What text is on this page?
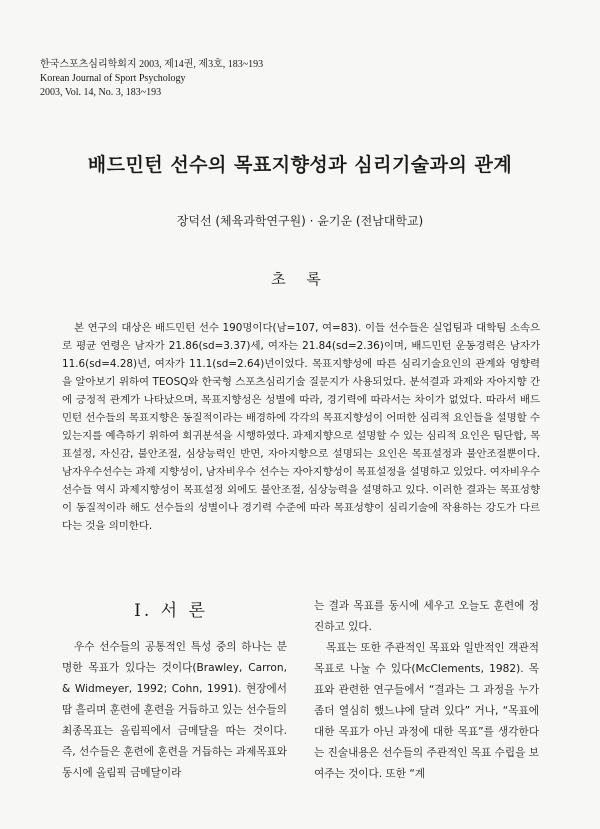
한국스포츠심리학회지 2003, 제14권, 제3호, 183~193
Korean Journal of Sport Psychology
2003, Vol. 14, No. 3, 183~193
배드민턴 선수의 목표지향성과 심리기술과의 관계
장덕선 (체육과학연구원) · 윤기운 (전남대학교)
초 록

본 연구의 대상은 배드민턴 선수 190명이다(남=107, 여=83). 이들 선수들은 실업팀과 대학팀 소속으로 평균 연령은 남자가 21.86(sd=3.37)세, 여자는 21.84(sd=2.36)이며, 배드민턴 운동경력은 남자가 11.6(sd=4.28)년, 여자가 11.1(sd=2.64)년이었다. 목표지향성에 따른 심리기술요인의 관계와 영향력을 알아보기 위하여 TEOSQ와 한국형 스포츠심리기술 질문지가 사용되었다. 분석결과 과제와 자아지향 간에 긍정적 관계가 나타났으며, 목표지향성은 성별에 따라, 경기력에 따라서는 차이가 없었다. 따라서 배드민턴 선수들의 목표지향은 동질적이라는 배경하에 각각의 목표지향성이 어떠한 심리적 요인들을 설명할 수 있는지를 예측하기 위하여 회귀분석을 시행하였다. 과제지향으로 설명할 수 있는 심리적 요인은 팀단합, 목표설정, 자신감, 불안조절, 심상능력인 반면, 자아지향으로 설명되는 요인은 목표설정과 불안조절뿐이다. 남자우수선수는 과제 지향성이, 남자비우수 선수는 자아지향성이 목표설정을 설명하고 있었다. 여자비우수 선수들 역시 과제지향성이 목표설정 외에도 불안조절, 심상능력을 설명하고 있다. 이러한 결과는 목표성향이 동질적이라 해도 선수들의 성별이나 경기력 수준에 따라 목표성향이 심리기술에 작용하는 강도가 다르다는 것을 의미한다.

Ⅰ. 서 론

우수 선수들의 공통적인 특성 중의 하나는 분명한 목표가 있다는 것이다(Brawley, Carron, & Widmeyer, 1992; Cohn, 1991). 현장에서 땀 흘리며 훈련에 훈련을 거듭하고 있는 선수들의 최종목표는 올림픽에서 금메달을 따는 것이다. 즉, 선수들은 훈련에 훈련을 거듭하는 과제목표와 동시에 올림픽 금메달이라

는 결과 목표를 동시에 세우고 오늘도 훈련에 정진하고 있다.
목표는 또한 주관적인 목표와 일반적인 객관적 목표로 나눌 수 있다(McClements, 1982). 목표와 관련한 연구들에서 “결과는 그 과정을 누가 좀더 열심히 했느냐에 달려 있다” 거나, “목표에 대한 목표가 아닌 과정에 대한 목표”를 생각한다는 진술내용은 선수들의 주관적인 목표 수립을 보여주는 것이다. 또한 “계
